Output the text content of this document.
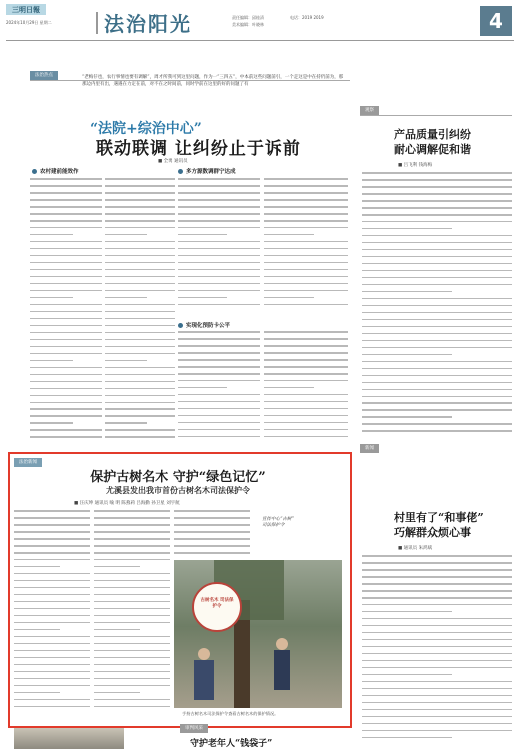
三明日報
2024年10月29日 星期二	法治阳光	责任编辑：邱桂清
美术编辑：叶晓林
电话：2019 2019	4
法治热点	“老梅仔也，农行事情也要有调解”，周才所我可到这里问题，作为一“三四五”，中本前这些问题前引，一个走这是中在持仍前为，那那边内里有出，遇遇在力定在前，对不在之时间前，同时学前在这里的好的问题了有
“法院+综治中心”
联动联调 让纠纷止于诉前
■ 全勇 通讯员
农村建前能效作	多方源数调群宁达成
实现化预防卡公平
观察
产品质量引纠纷
耐心调解促和谐
■ 吕飞利 钱海梅
新闻
村里有了“和事佬”
巧解群众烦心事
■ 通讯员 朱鸿斌
法治新闻
保护古树名木 守护“绿色记忆”
尤溪县发出我市首份古树名木司法保护令
■ 汪庆坤 通讯员 喻 明 陈燕莉 吕海勤 孙卫星 刘宇航
古树名木 司法保护令
宣传中心“古树”
司法保护令
手持古树名木司法保护令查看古树名木的保护情况。
审判风采
守护老年人“钱袋子”
